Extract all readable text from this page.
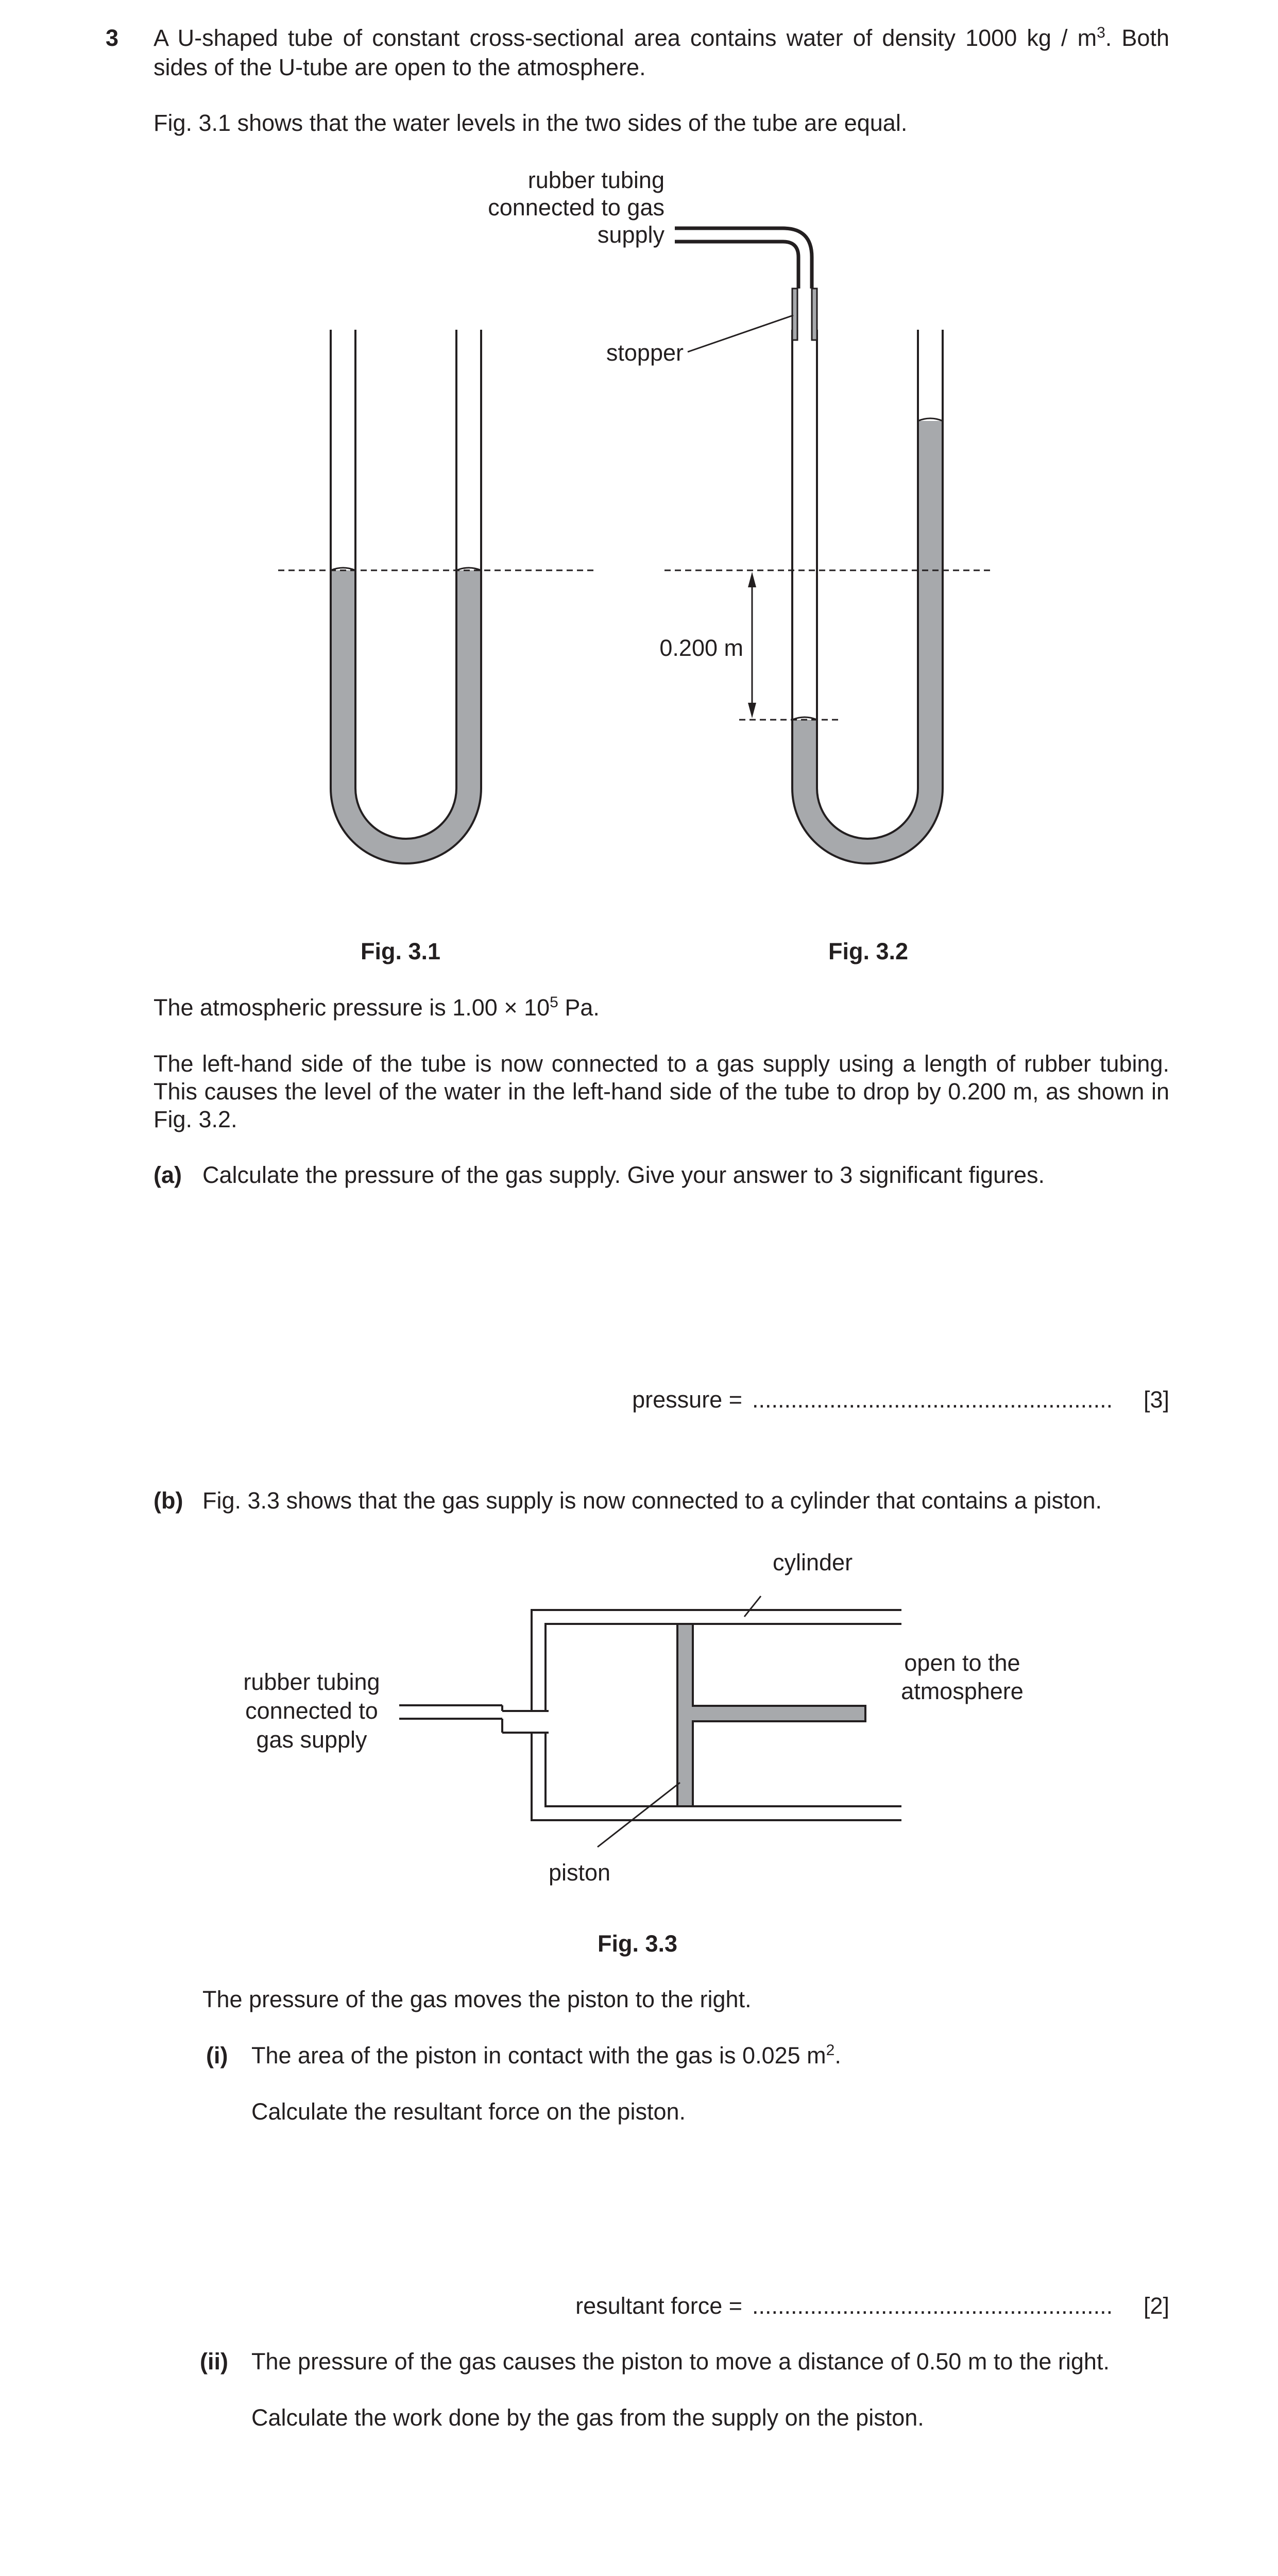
3 A U-shaped tube of constant cross-sectional area contains water of density 1000 kg / $m^3$. Both
sides of the U-tube are open to the atmosphere.
Fig. 3.1 shows that the water levels in the two sides of the tube are equal.
rubber tubing
connected to gas
supply
stopper
0.200 m
Fig. 3.1	Fig. 3.2
The atmospheric pressure is $1.00 \times 10^5$ Pa.
The left-hand side of the tube is now connected to a gas supply using a length of rubber tubing.
This causes the level of the water in the left-hand side of the tube to drop by 0.200 m, as shown in
Fig. 3.2.
(a) Calculate the pressure of the gas supply. Give your answer to 3 significant figures.
pressure = ........................................................ [3]
(b) Fig. 3.3 shows that the gas supply is now connected to a cylinder that contains a piston.
cylinder
open to the
atmosphere
rubber tubing
connected to
gas supply
piston
Fig. 3.3
The pressure of the gas moves the piston to the right.
(i) The area of the piston in contact with the gas is 0.025 $m^2$.
Calculate the resultant force on the piston.
resultant force = ........................................................ [2]
(ii) The pressure of the gas causes the piston to move a distance of 0.50 m to the right.
Calculate the work done by the gas from the supply on the piston.
